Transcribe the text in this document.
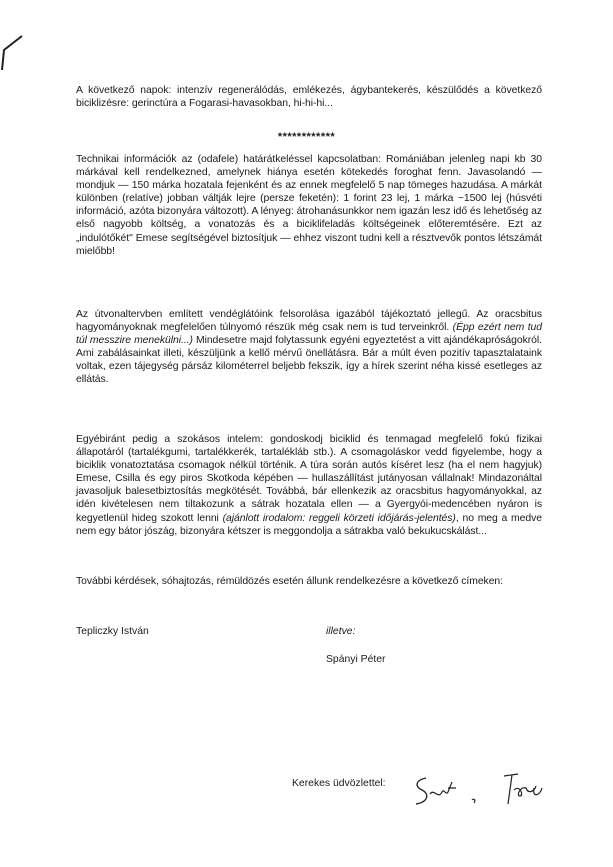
A következő napok: intenzív regenerálódás, emlékezés, ágybantekerés, készülődés a következő biciklizésre: gerinctúra a Fogarasi-havasokban, hi-hi-hi...

************

Technikai információk az (odafele) határátkeléssel kapcsolatban: Romániában jelenleg napi kb 30 márkával kell rendelkezned, amelynek hiánya esetén kötekedés foroghat fenn. Javasolandó — mondjuk — 150 márka hozatala fejenként és az ennek megfelelő 5 nap tömeges hazudása. A márkát különben (relatíve) jobban váltják lejre (persze feketén): 1 forint 23 lej, 1 márka ~1500 lej (húsvéti információ, azóta bizonyára változott). A lényeg: átrohanásunkkor nem igazán lesz idő és lehetőség az első nagyobb költség, a vonatozás és a biciklifeladás költségeinek előteremtésére. Ezt az „indulótőkét" Emese segítségével biztosítjuk — ehhez viszont tudni kell a résztvevők pontos létszámát mielőbb!

Az útvonaltervben említett vendéglátóink felsorolása igazából tájékoztató jellegű. Az oracsbitus hagyományoknak megfelelően túlnyomó részük még csak nem is tud terveinkről. (Épp ezért nem tud túl messzire menekülni...) Mindesetre majd folytassunk egyéni egyeztetést a vitt ajándékapróságokról. Ami zabálásainkat illeti, készüljünk a kellő mérvű önellátásra. Bár a múlt éven pozitív tapasztalataink voltak, ezen tájegység pársáz kilométerrel beljebb fekszik, így a hírek szerint néha kissé esetleges az ellátás.

Egyébiránt pedig a szokásos intelem: gondoskodj biciklid és tenmagad megfelelő fokú fizikai állapotáról (tartalékgumi, tartalékkerék, tartalékláb stb.). A csomagoláskor vedd figyelembe, hogy a biciklik vonatoztatása csomagok nélkül történik. A túra során autós kíséret lesz (ha el nem hagyjuk) Emese, Csilla és egy piros Skotkoda képében — hullaszállítást jutányosan vállalnak! Mindazonáltal javasoljuk balesetbiztosítás megkötését. Továbbá, bár ellenkezik az oracsbitus hagyományokkal, az idén kivételesen nem tiltakozunk a sátrak hozatala ellen — a Gyergyói-medencében nyáron is kegyetlenül hideg szokott lenni (ajánlott irodalom: reggeli körzeti időjárás-jelentés), no meg a medve nem egy bátor jószág, bizonyára kétszer is meggondolja a sátrakba való bekukucskálást...

További kérdések, sóhajtozás, rémüldözés esetén állunk rendelkezésre a következő címeken:

Tepliczky István	illetve:
Spányi Péter
Kerekes üdvözlettel:
